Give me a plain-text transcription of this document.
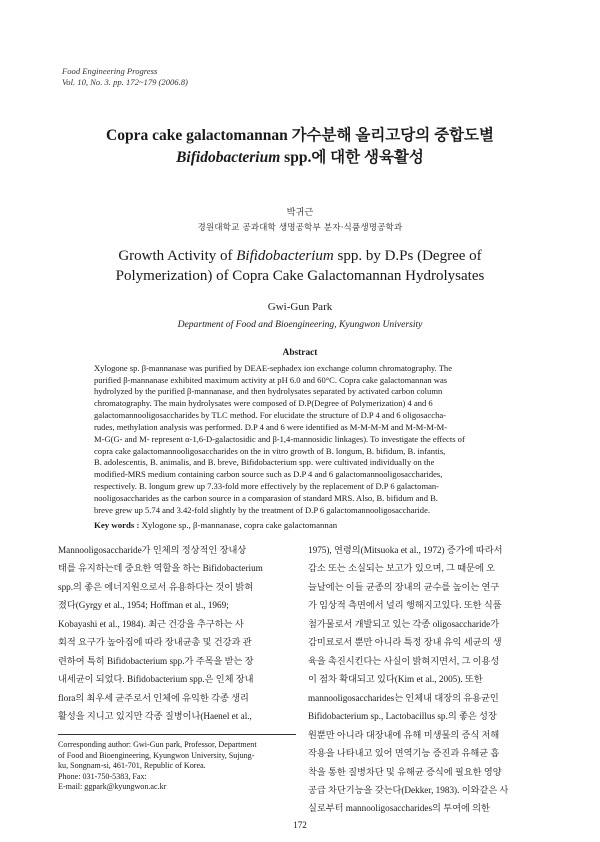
Food Engineering Progress
Vol. 10, No. 3. pp. 172~179 (2006.8)
Copra cake galactomannan 가수분해 올리고당의 중합도별
Bifidobacterium spp.에 대한 생육활성
박귀근
경원대학교 공과대학 생명공학부 분자·식품생명공학과
Growth Activity of Bifidobacterium spp. by D.Ps (Degree of
Polymerization) of Copra Cake Galactomannan Hydrolysates
Gwi-Gun Park
Department of Food and Bioengineering, Kyungwon University
Abstract
Xylogone sp. β-mannanase was purified by DEAE-sephadex ion exchange column chromatography. The
purified β-mannanase exhibited maximum activity at pH 6.0 and 60°C. Copra cake galactomannan was
hydrolyzed by the purified β-mannanase, and then hydrolysates separated by activated carbon column
chromatography. The main hydrolysates were composed of D.P(Degree of Polymerization) 4 and 6
galactomannooligosaccharides by TLC method. For elucidate the structure of D.P 4 and 6 oligosaccha-
rudes, methylation analysis was performed. D.P 4 and 6 were identified as M-M-M-M and M-M-M-M-
M-G(G- and M- represent α-1,6-D-galactosidic and β-1,4-mannosidic linkages). To investigate the effects of
copra cake galactomannooligosaccharides on the in vitro growth of B. longum, B. bifidum, B. infantis,
B. adolescentis, B. animalis, and B. breve, Bifidobacterium spp. were cultivated individually on the
modified-MRS medium containing carbon source such as D.P 4 and 6 galactomannooligosaccharides,
respectively. B. longum grew up 7.33-fold more effectively by the replacement of D.P 6 galactoman-
nooligosaccharides as the carbon source in a comparasion of standard MRS. Also, B. bifidum and B.
breve grew up 5.74 and 3.42-fold slightly by the treatment of D.P 6 galactomannooligosaccharide.
Key words : Xylogone sp., β-mannanase, copra cake galactomannan
Mannooligosaccharide가 인체의 정상적인 장내상
태를 유지하는데 중요한 역할을 하는 Bifidobacterium
spp.의 좋은 에너지원으로서 유용하다는 것이 밝혀
졌다(Gyrgy et al., 1954; Hoffman et al., 1969;
Kobayashi et al., 1984). 최근 건강을 추구하는 사
회적 요구가 높아짐에 따라 장내균총 및 건강과 관
련하여 특히 Bifidobacterium spp.가 주목을 받는 장
내세균이 되었다. Bifidobacterium spp.은 인체 장내
flora의 최우세 균주로서 인체에 유익한 각종 생리
활성을 지니고 있지만 각종 질병이나(Haenel et al.,
1975), 연령의(Mitsuoka et al., 1972) 증가에 따라서
감소 또는 소실되는 보고가 있으며, 그 때문에 오
늘날에는 이들 균종의 장내의 균수를 높이는 연구
가 임상적 측면에서 널리 행해지고있다. 또한 식품
첨가물로서 개발되고 있는 각종 oligosaccharide가
감미료로서 뿐만 아니라 특정 장내 유익 세균의 생
육을 촉진시킨다는 사실이 밝혀지면서, 그 이용성
이 점차 확대되고 있다(Kim et al., 2005). 또한
mannooligosaccharides는 인체내 대장의 유용균인
Bifidobacterium sp., Lactobacillus sp.의 좋은 성장
원뿐만 아니라 대장내에 유해 미생물의 증식 저해
작용을 나타내고 있어 면역기능 증진과 유해균 흡
착을 통한 질병차단 및 유해균 증식에 필요한 영양
공급 차단기능을 갖는다(Dekker, 1983). 이와같은 사
실로부터 mannooligosaccharides의 투여에 의한
Corresponding author: Gwi-Gun park, Professor, Department
of Food and Bioengineering, Kyungwon University, Sujung-
ku, Songnam-si, 461-701, Republic of Korea.
Phone: 031-750-5383, Fax:
E-mail: ggpark@kyungwon.ac.kr
172
